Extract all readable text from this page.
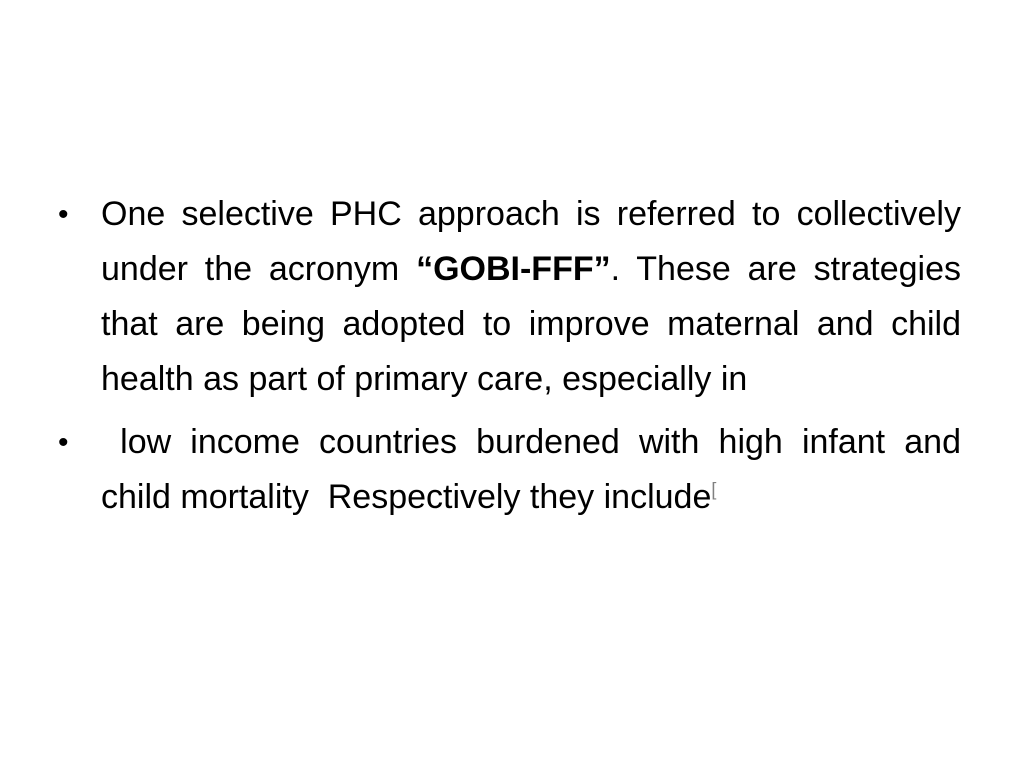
• One selective PHC approach is referred to collectively under the acronym “GOBI-FFF”. These are strategies that are being adopted to improve maternal and child health as part of primary care, especially in

• low income countries burdened with high infant and  child mortality  Respectively they include[
